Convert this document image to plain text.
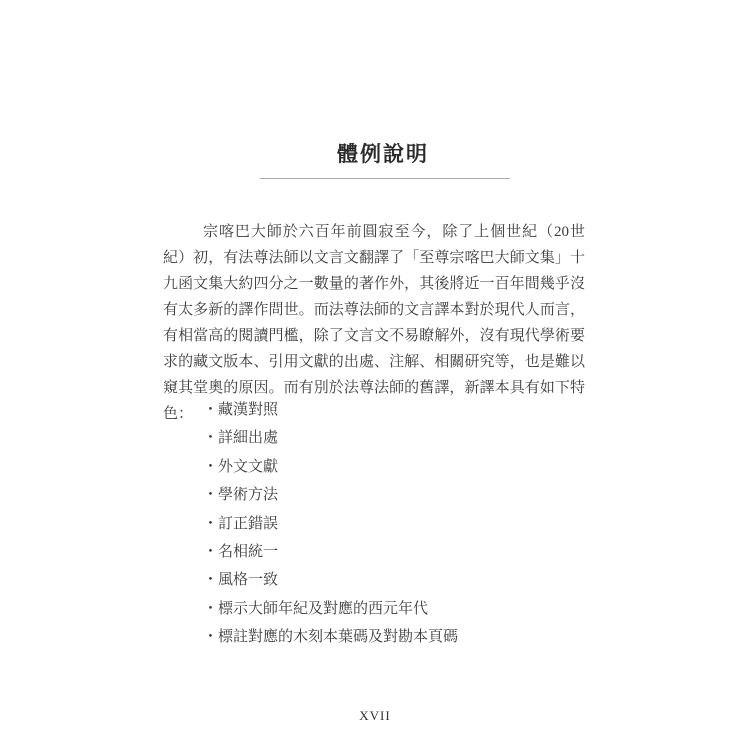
體例說明

宗喀巴大師於六百年前圓寂至今，除了上個世紀（20世紀）初，有法尊法師以文言文翻譯了「至尊宗喀巴大師文集」十九函文集大約四分之一數量的著作外，其後將近一百年間幾乎沒有太多新的譯作問世。而法尊法師的文言譯本對於現代人而言，有相當高的閱讀門檻，除了文言文不易瞭解外，沒有現代學術要求的藏文版本、引用文獻的出處、注解、相關研究等，也是難以窺其堂奧的原因。而有別於法尊法師的舊譯，新譯本具有如下特色： ・藏漢對照
・詳細出處
・外文文獻
・學術方法
・訂正錯誤
・名相統一
・風格一致
・標示大師年紀及對應的西元年代
・標註對應的木刻本葉碼及對勘本頁碼
XVII
